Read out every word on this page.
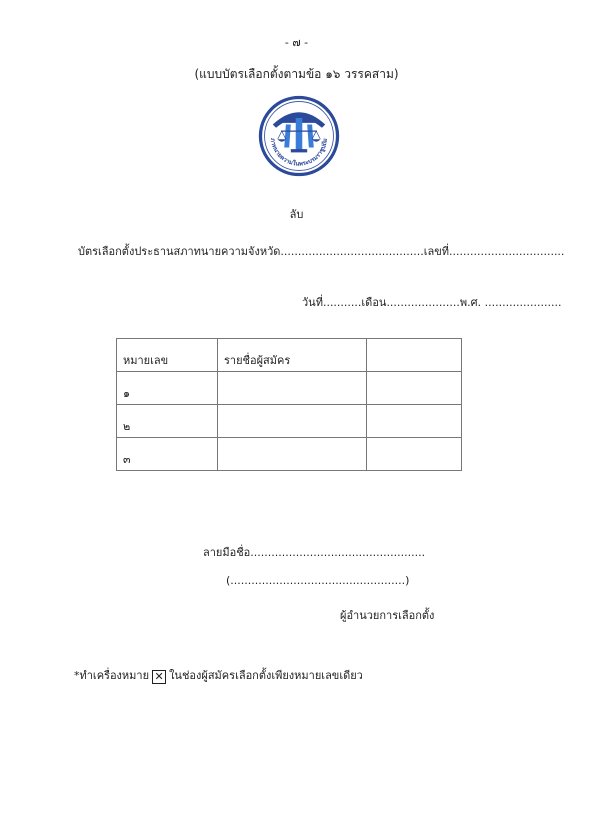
- ๗ -
(แบบบัตรเลือกตั้งตามข้อ ๑๖ วรรคสาม)
ภาทนายความในพระบรมราชูปถัม
ลับ
บัตรเลือกตั้งประธานสภาทนายความจังหวัด.........................................เลขที่.................................
วันที่...........เดือน.....................พ.ศ. ......................
หมายเลข	รายชื่อผู้สมัคร	
๑		
๒		
๓		
ลายมือชื่อ..................................................
(..................................................)
ผู้อำนวยการเลือกตั้ง
*ทำเครื่องหมาย ✕ ในช่องผู้สมัครเลือกตั้งเพียงหมายเลขเดียว
